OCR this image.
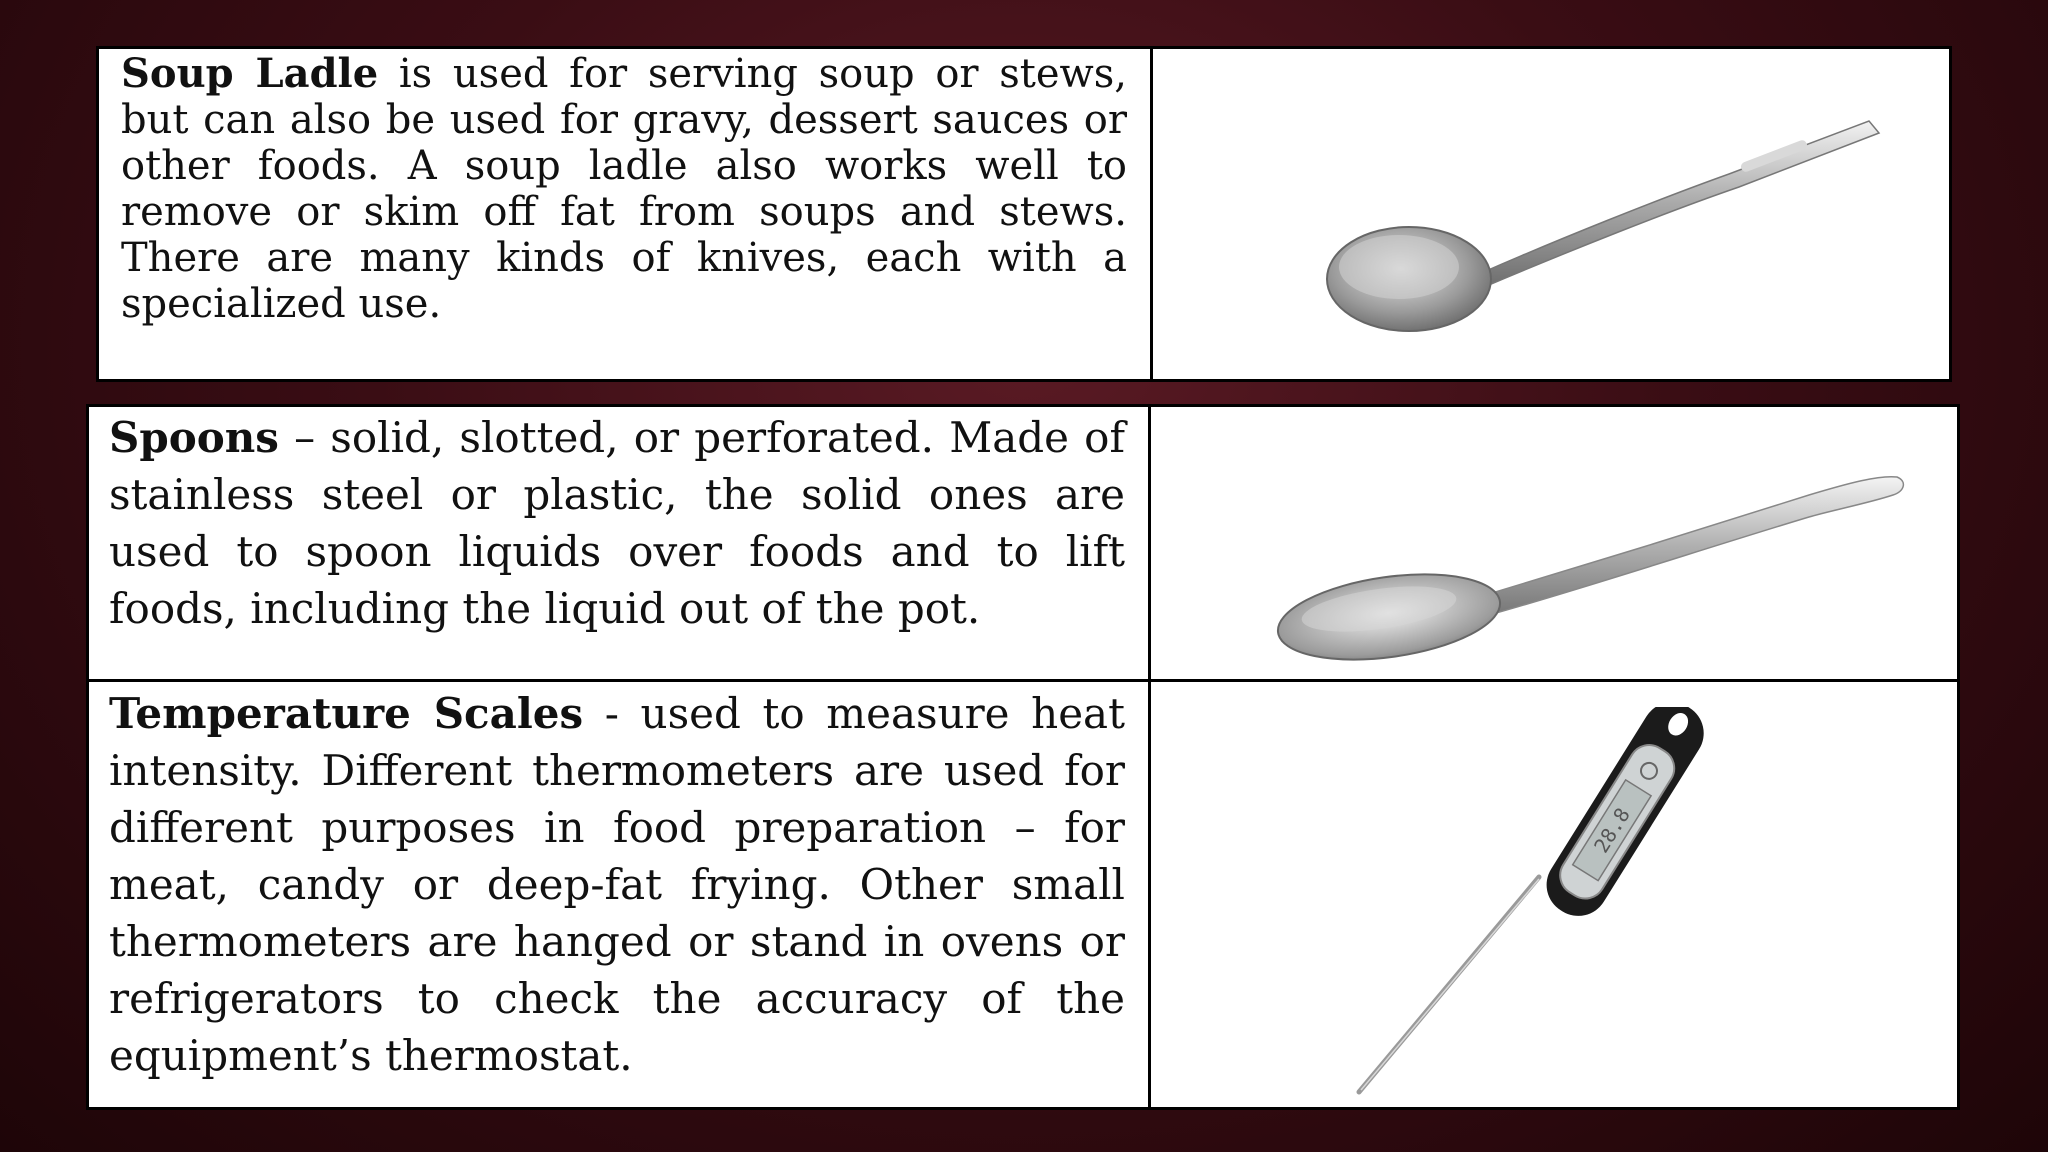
Soup Ladle is used for serving soup or stews, but can also be used for gravy, dessert sauces or other foods. A soup ladle also works well to remove or skim off fat from soups and stews. There are many kinds of knives, each with a specialized use.
Spoons – solid, slotted, or perforated. Made of stainless steel or plastic, the solid ones are used to spoon liquids over foods and to lift foods, including the liquid out of the pot.
Temperature Scales - used to measure heat intensity. Different thermometers are used for different purposes in food preparation – for meat, candy or deep-fat frying. Other small thermometers are hanged or stand in ovens or refrigerators to check the accuracy of the equipment’s thermostat.
28.8
